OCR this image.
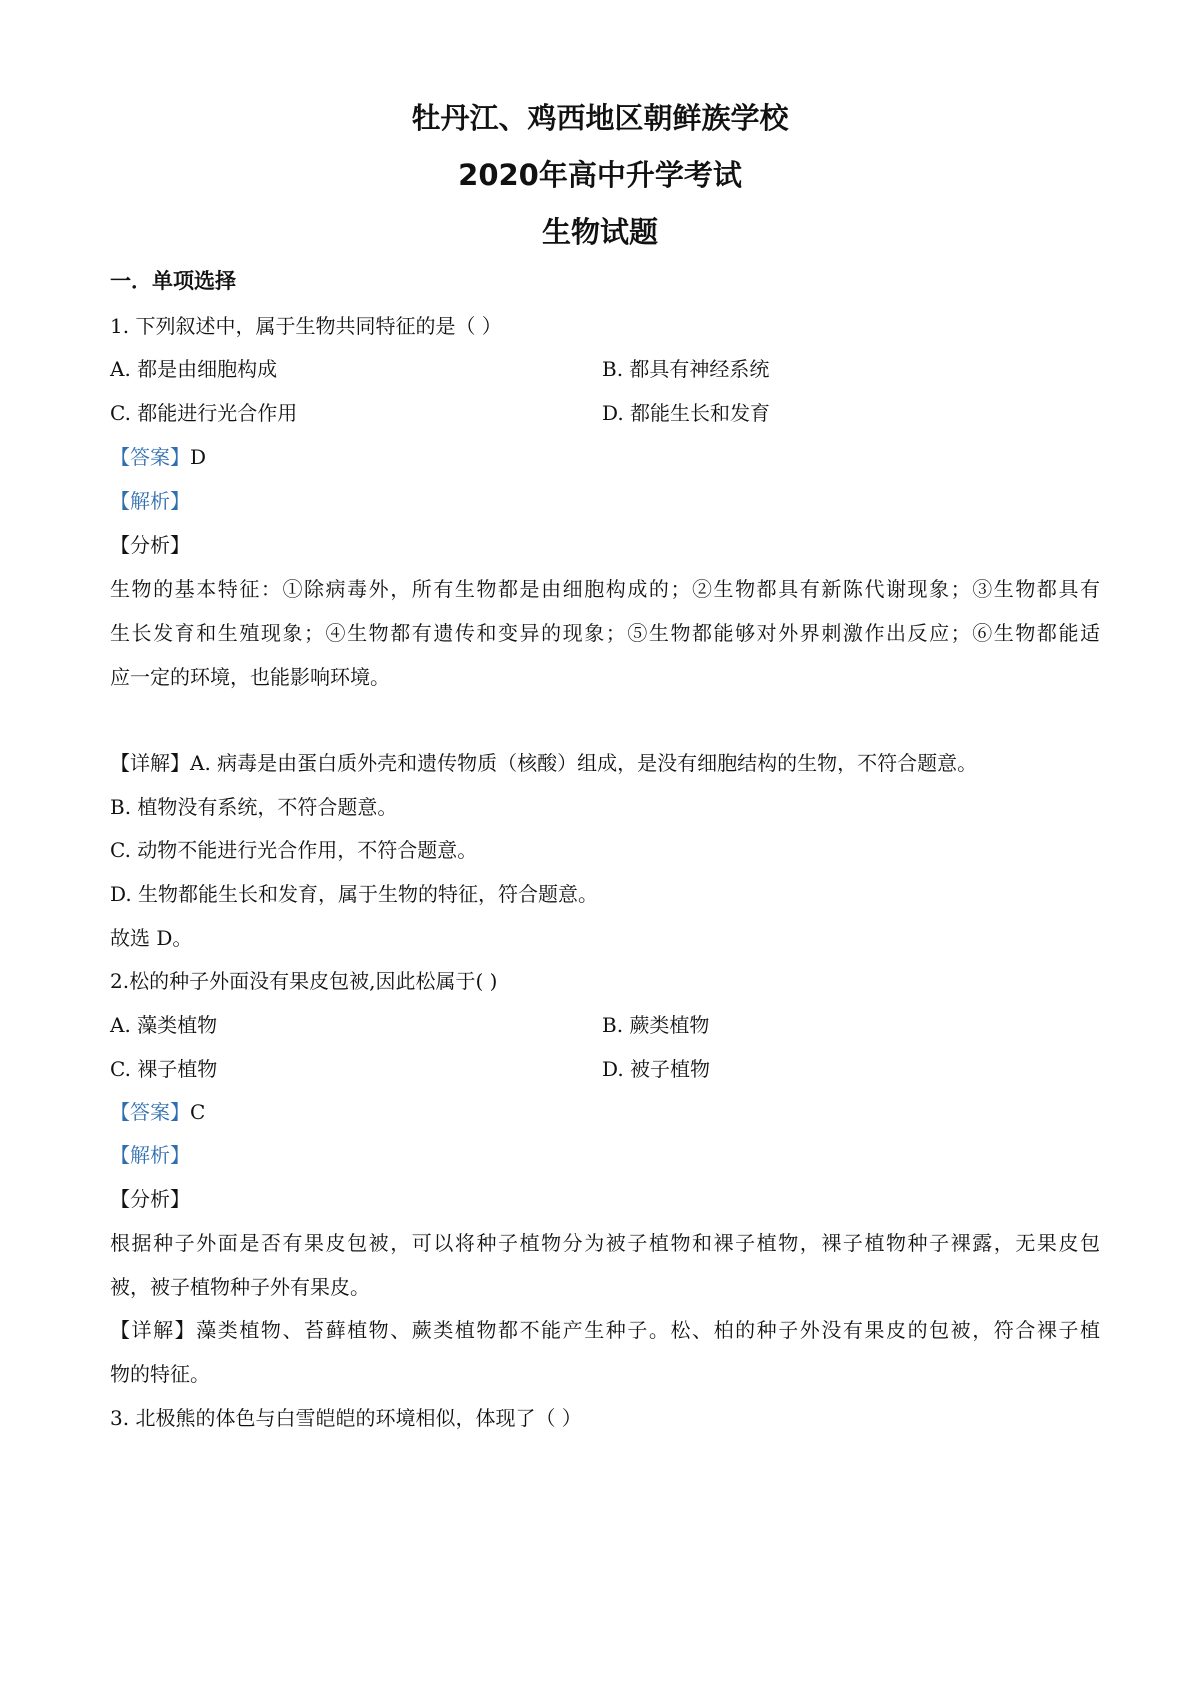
牡丹江、鸡西地区朝鲜族学校
2020年高中升学考试
生物试题
一．单项选择
1. 下列叙述中，属于生物共同特征的是（ ）
A. 都是由细胞构成	B. 都具有神经系统
C. 都能进行光合作用	D. 都能生长和发育
【答案】D
【解析】
【分析】
生物的基本特征：①除病毒外，所有生物都是由细胞构成的；②生物都具有新陈代谢现象；③生物都具有
生长发育和生殖现象；④生物都有遗传和变异的现象；⑤生物都能够对外界刺激作出反应；⑥生物都能适
应一定的环境，也能影响环境。
【详解】A. 病毒是由蛋白质外壳和遗传物质（核酸）组成，是没有细胞结构的生物，不符合题意。
B. 植物没有系统，不符合题意。
C. 动物不能进行光合作用，不符合题意。
D. 生物都能生长和发育，属于生物的特征，符合题意。
故选 D。
2.松的种子外面没有果皮包被,因此松属于( )
A. 藻类植物	B. 蕨类植物
C. 裸子植物	D. 被子植物
【答案】C
【解析】
【分析】
根据种子外面是否有果皮包被，可以将种子植物分为被子植物和裸子植物，裸子植物种子裸露，无果皮包
被，被子植物种子外有果皮。
【详解】藻类植物、苔藓植物、蕨类植物都不能产生种子。松、柏的种子外没有果皮的包被，符合裸子植
物的特征。
3. 北极熊的体色与白雪皑皑的环境相似，体现了（ ）
